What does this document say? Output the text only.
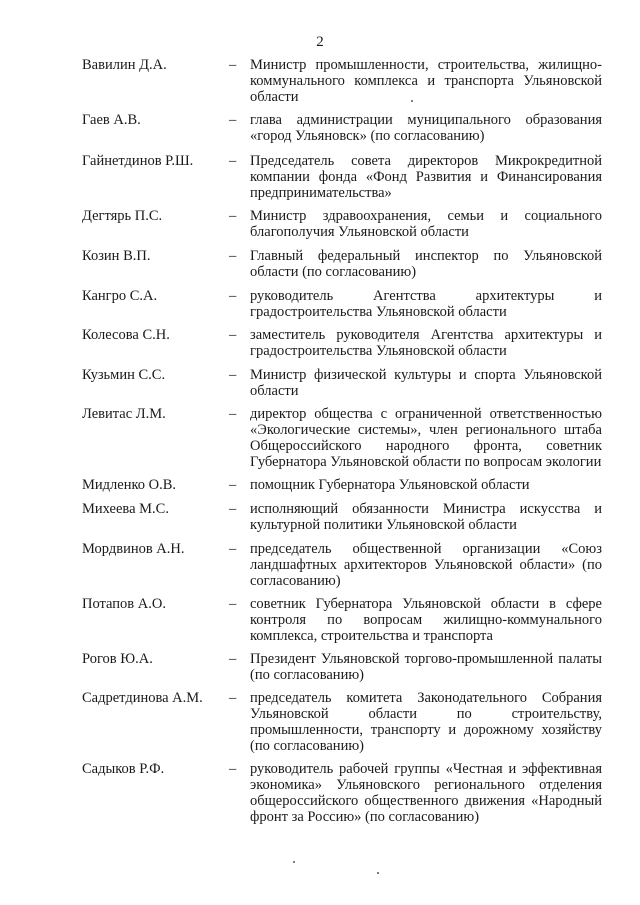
2
Вавилин Д.А.	– Министр промышленности, строительства, жилищно-коммунального комплекса и транспорта Ульяновской области
Гаев А.В.	– глава администрации муниципального образования «город Ульяновск» (по согласованию)
Гайнетдинов Р.Ш. – Председатель совета директоров Микрокредитной компании фонда «Фонд Развития и Финансирования предпринимательства»
Дегтярь П.С.	– Министр здравоохранения, семьи и социального благополучия Ульяновской области
Козин В.П.	– Главный федеральный инспектор по Ульяновской области (по согласованию)
Кангро С.А.	– руководитель Агентства архитектуры и градостроительства Ульяновской области
Колесова С.Н.	– заместитель руководителя Агентства архитектуры и градостроительства Ульяновской области
Кузьмин С.С.	– Министр физической культуры и спорта Ульяновской области
Левитас Л.М.	– директор общества с ограниченной ответственностью «Экологические системы», член регионального штаба Общероссийского народного фронта, советник Губернатора Ульяновской области по вопросам экологии
Мидленко О.В.	– помощник Губернатора Ульяновской области
Михеева М.С.	– исполняющий обязанности Министра искусства и культурной политики Ульяновской области
Мордвинов А.Н.	– председатель общественной организации «Союз ландшафтных архитекторов Ульяновской области» (по согласованию)
Потапов А.О.	– советник Губернатора Ульяновской области в сфере контроля по вопросам жилищно-коммунального комплекса, строительства и транспорта
Рогов Ю.А.	– Президент Ульяновской торгово-промышленной палаты (по согласованию)
Садретдинова А.М. – председатель комитета Законодательного Собрания Ульяновской области по строительству, промышленности, транспорту и дорожному хозяйству (по согласованию)
Садыков Р.Ф.	– руководитель рабочей группы «Честная и эффективная экономика» Ульяновского регионального отделения общероссийского общественного движения «Народный фронт за Россию» (по согласованию)
